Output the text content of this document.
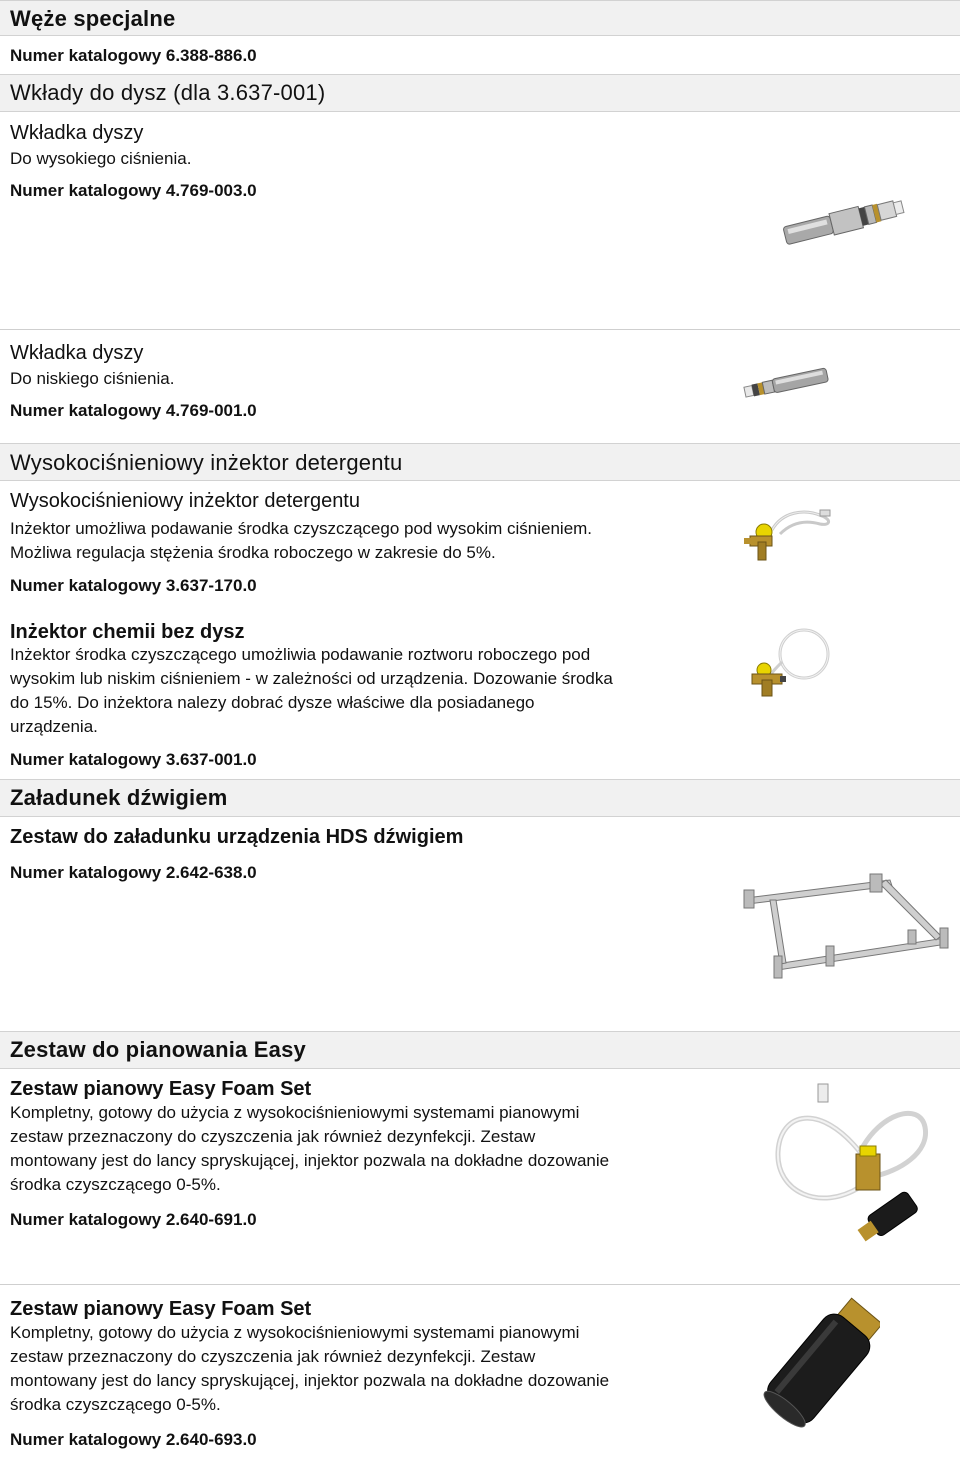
Węże specjalne
Numer katalogowy 6.388-886.0
Wkłady do dysz (dla 3.637-001)
Wkładka dyszy
Do wysokiego ciśnienia.
Numer katalogowy 4.769-003.0
Wkładka dyszy
Do niskiego ciśnienia.
Numer katalogowy 4.769-001.0
Wysokociśnieniowy inżektor detergentu
Wysokociśnieniowy inżektor detergentu
Inżektor umożliwa podawanie środka czyszczącego pod wysokim ciśnieniem.
Możliwa regulacja stężenia środka roboczego w zakresie do 5%.
Numer katalogowy 3.637-170.0
Inżektor chemii bez dysz
Inżektor środka czyszczącego umożliwia podawanie roztworu roboczego pod
wysokim lub niskim ciśnieniem - w zależności od urządzenia. Dozowanie środka
do 15%. Do inżektora nalezy dobrać dysze właściwe dla posiadanego
urządzenia.
Numer katalogowy 3.637-001.0
Załadunek dźwigiem
Zestaw do załadunku urządzenia HDS dźwigiem
Numer katalogowy 2.642-638.0
Zestaw do pianowania Easy
Zestaw pianowy Easy Foam Set
Kompletny, gotowy do użycia z wysokociśnieniowymi systemami pianowymi
zestaw przeznaczony do czyszczenia jak również dezynfekcji. Zestaw
montowany jest do lancy spryskującej, injektor pozwala na dokładne dozowanie
środka czyszczącego 0-5%.
Numer katalogowy 2.640-691.0
Zestaw pianowy Easy Foam Set
Kompletny, gotowy do użycia z wysokociśnieniowymi systemami pianowymi
zestaw przeznaczony do czyszczenia jak również dezynfekcji. Zestaw
montowany jest do lancy spryskującej, injektor pozwala na dokładne dozowanie
środka czyszczącego 0-5%.
Numer katalogowy 2.640-693.0
